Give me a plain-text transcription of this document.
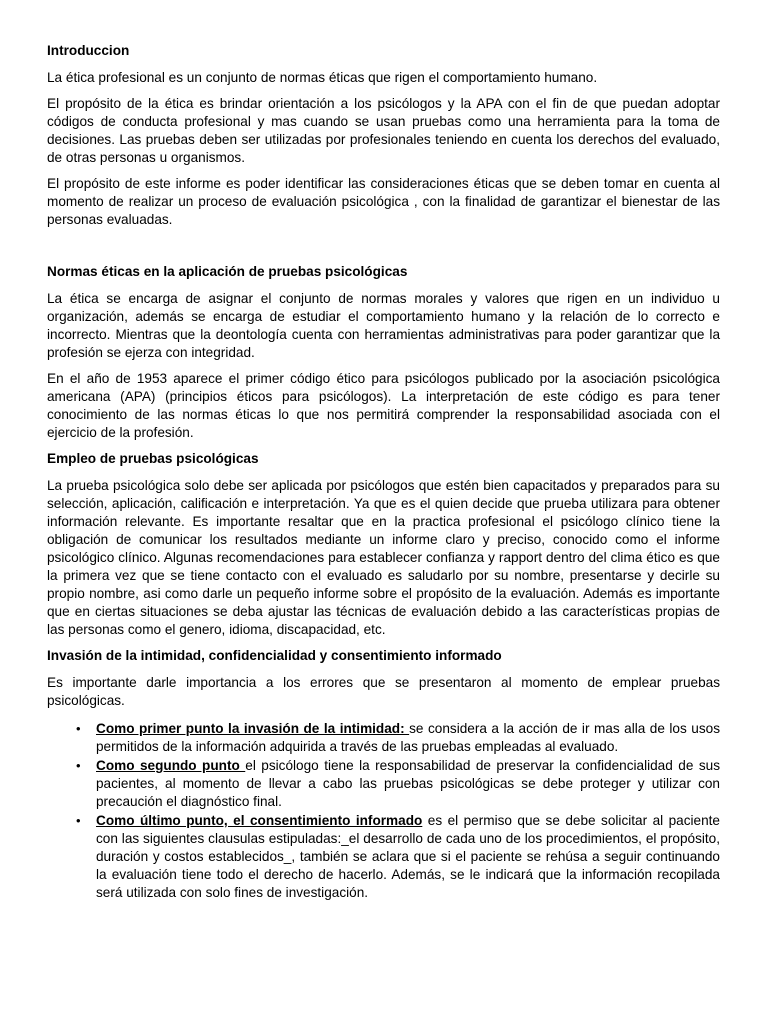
Introduccion

La ética profesional es un conjunto de normas éticas que rigen el comportamiento humano.

El propósito de la ética es brindar orientación a los psicólogos y la APA con el fin de que puedan adoptar códigos de conducta profesional y mas cuando se usan pruebas como una herramienta para la toma de decisiones. Las pruebas deben ser utilizadas por profesionales teniendo en cuenta los derechos del evaluado, de otras personas u organismos.

El propósito de este informe es poder identificar las consideraciones éticas que se deben tomar en cuenta al momento de realizar un proceso de evaluación psicológica , con la finalidad de garantizar el bienestar de las personas evaluadas.

Normas éticas en la aplicación de pruebas psicológicas

La ética se encarga de asignar el conjunto de normas morales y valores que rigen en un individuo u organización, además se encarga de estudiar el comportamiento humano y la relación de lo correcto e incorrecto. Mientras que la deontología cuenta con herramientas administrativas para poder garantizar que la profesión se ejerza con integridad.

En el año de 1953 aparece el primer código ético para psicólogos publicado por la asociación psicológica americana (APA) (principios éticos para psicólogos). La interpretación de este código es para tener conocimiento de las normas éticas lo que nos permitirá comprender la responsabilidad asociada con el ejercicio de la profesión.

Empleo de pruebas psicológicas

La prueba psicológica solo debe ser aplicada por psicólogos que estén bien capacitados y preparados para su selección, aplicación, calificación e interpretación. Ya que es el quien decide que prueba utilizara para obtener información relevante. Es importante resaltar que en la practica profesional el psicólogo clínico tiene la obligación de comunicar los resultados mediante un informe claro y preciso, conocido como el informe psicológico clínico. Algunas recomendaciones para establecer confianza y rapport dentro del clima ético es que la primera vez que se tiene contacto con el evaluado es saludarlo por su nombre, presentarse y decirle su propio nombre, asi como darle un pequeño informe sobre el propósito de la evaluación. Además es importante que en ciertas situaciones se deba ajustar las técnicas de evaluación debido a las características propias de las personas como el genero, idioma, discapacidad, etc.

Invasión de la intimidad, confidencialidad y consentimiento informado

Es importante darle importancia a los errores que se presentaron al momento de emplear pruebas psicológicas.

• Como primer punto la invasión de la intimidad: se considera a la acción de ir mas alla de los usos permitidos de la información adquirida a través de las pruebas empleadas al evaluado.
• Como segundo punto el psicólogo tiene la responsabilidad de preservar la confidencialidad de sus pacientes, al momento de llevar a cabo las pruebas psicológicas se debe proteger y utilizar con precaución el diagnóstico final.
• Como último punto, el consentimiento informado es el permiso que se debe solicitar al paciente con las siguientes clausulas estipuladas:_el desarrollo de cada uno de los procedimientos, el propósito, duración y costos establecidos_, también se aclara que si el paciente se rehúsa a seguir continuando la evaluación tiene todo el derecho de hacerlo. Además, se le indicará que la información recopilada será utilizada con solo fines de investigación.
